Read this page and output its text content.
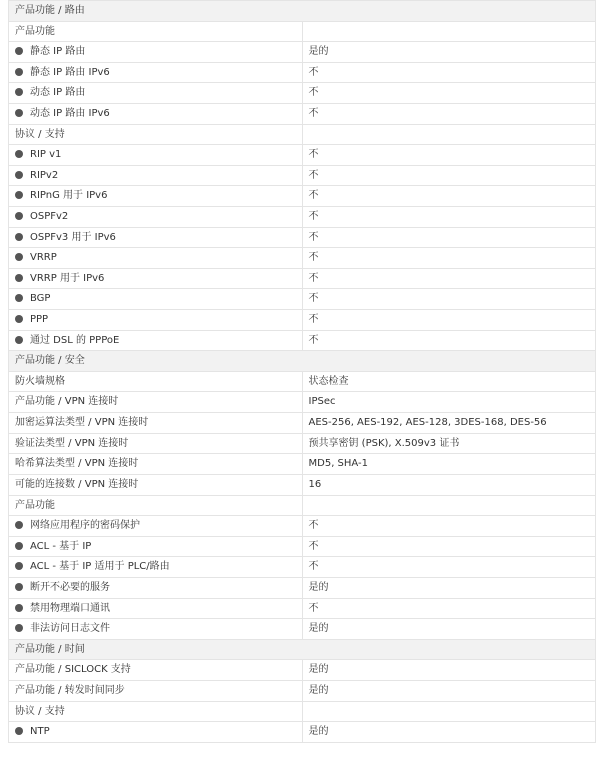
产品功能 / 路由	
产品功能	
静态 IP 路由	是的
静态 IP 路由 IPv6	不
动态 IP 路由	不
动态 IP 路由 IPv6	不
协议 / 支持	
RIP v1	不
RIPv2	不
RIPnG 用于 IPv6	不
OSPFv2	不
OSPFv3 用于 IPv6	不
VRRP	不
VRRP 用于 IPv6	不
BGP	不
PPP	不
通过 DSL 的 PPPoE	不
产品功能 / 安全	
防火墙规格	状态检查
产品功能 / VPN 连接时	IPSec
加密运算法类型 / VPN 连接时	AES-256, AES-192, AES-128, 3DES-168, DES-56
验证法类型 / VPN 连接时	预共享密钥 (PSK), X.509v3 证书
哈希算法类型 / VPN 连接时	MD5, SHA-1
可能的连接数 / VPN 连接时	16
产品功能	
网络应用程序的密码保护	不
ACL - 基于 IP	不
ACL - 基于 IP 适用于 PLC/路由	不
断开不必要的服务	是的
禁用物理端口通讯	不
非法访问日志文件	是的
产品功能 / 时间	
产品功能 / SICLOCK 支持	是的
产品功能 / 转发时间同步	是的
协议 / 支持	
NTP	是的
